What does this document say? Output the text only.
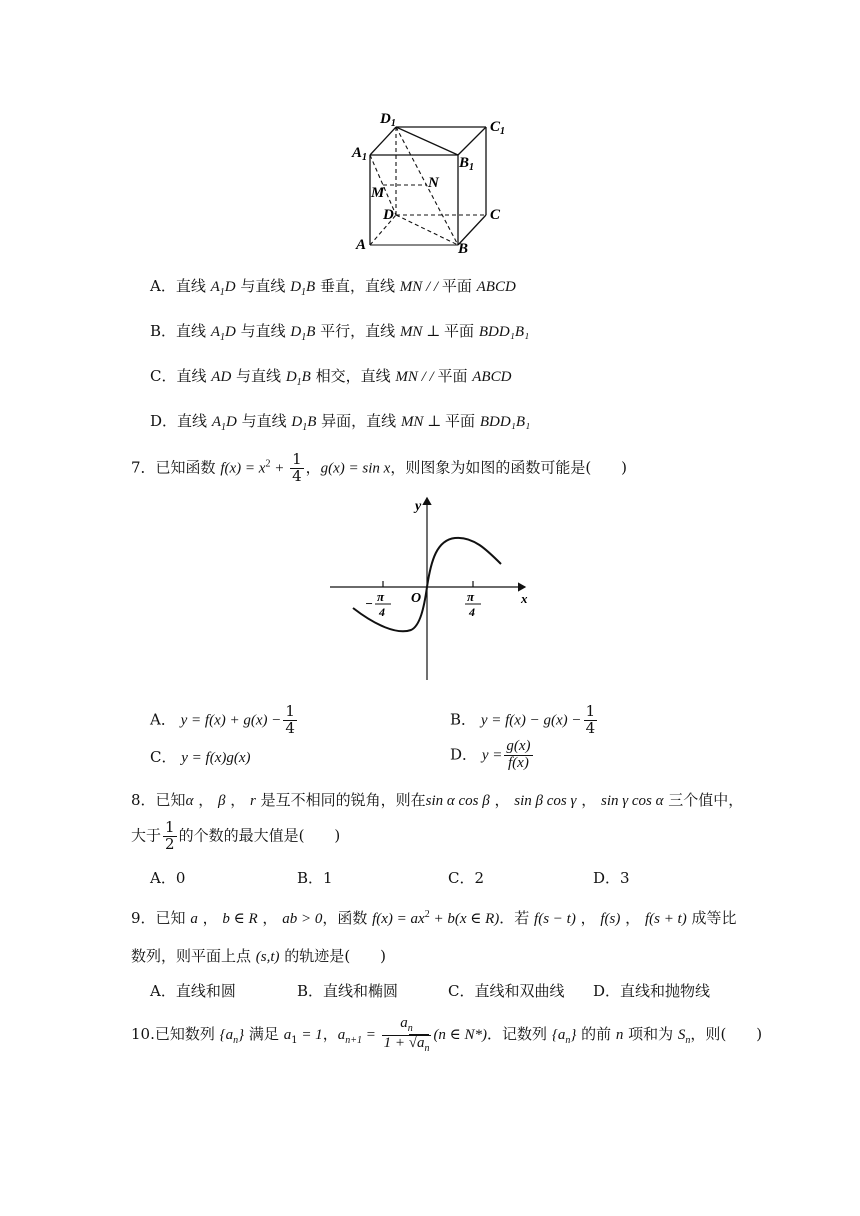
$D_1$	$C_1$
$A_1$	$B_1$
M
N
D	C
A	B
A．直线 $A_1D$ 与直线 $D_1B$ 垂直，直线 MN / / 平面 ABCD
B．直线 $A_1D$ 与直线 $D_1B$ 平行，直线 MN ⊥ 平面 BDD₁B₁
C．直线 AD 与直线 $D_1B$ 相交，直线 MN / / 平面 ABCD
D．直线 $A_1D$ 与直线 $D_1B$ 异面，直线 MN ⊥ 平面 BDD₁B₁
7．已知函数 $f(x) = x^2 + \frac{1}{4}$ ，g(x) = sin x，则图象为如图的函数可能是(　　)
y
x
O
− π
4
π
4
A． $y = f(x) + g(x) - \frac{1}{4}$	B． $y = f(x) - g(x) - \frac{1}{4}$
C． y = f(x)g(x)	D． $y = \frac{g(x)}{f(x)}$
8．已知α ， β ， r 是互不相同的锐角，则在sin α cos β ， sin β cos γ ， sin γ cos α 三个值中，
大于 $\frac{1}{2}$ 的个数的最大值是(　　)
A．0	B．1	C．2	D．3
9．已知 a ， b ∈ R ， ab > 0，函数 $f(x) = ax^2 + b(x$ ∈ R)．若 f(s − t) ， f(s) ， f(s + t) 成等比
数列，则平面上点 (s,t) 的轨迹是(　　)
A．直线和圆	B．直线和椭圆	C．直线和双曲线 D．直线和抛物线
10.已知数列 $\{a_n\}$ 满足 $a_1 = 1$，$a_{n+1} = \frac{a_n}{1 + √a_n} (n$ ∈ N*)．记数列 $\{a_n\}$ 的前 n 项和为 $S_n$，则(　　)
